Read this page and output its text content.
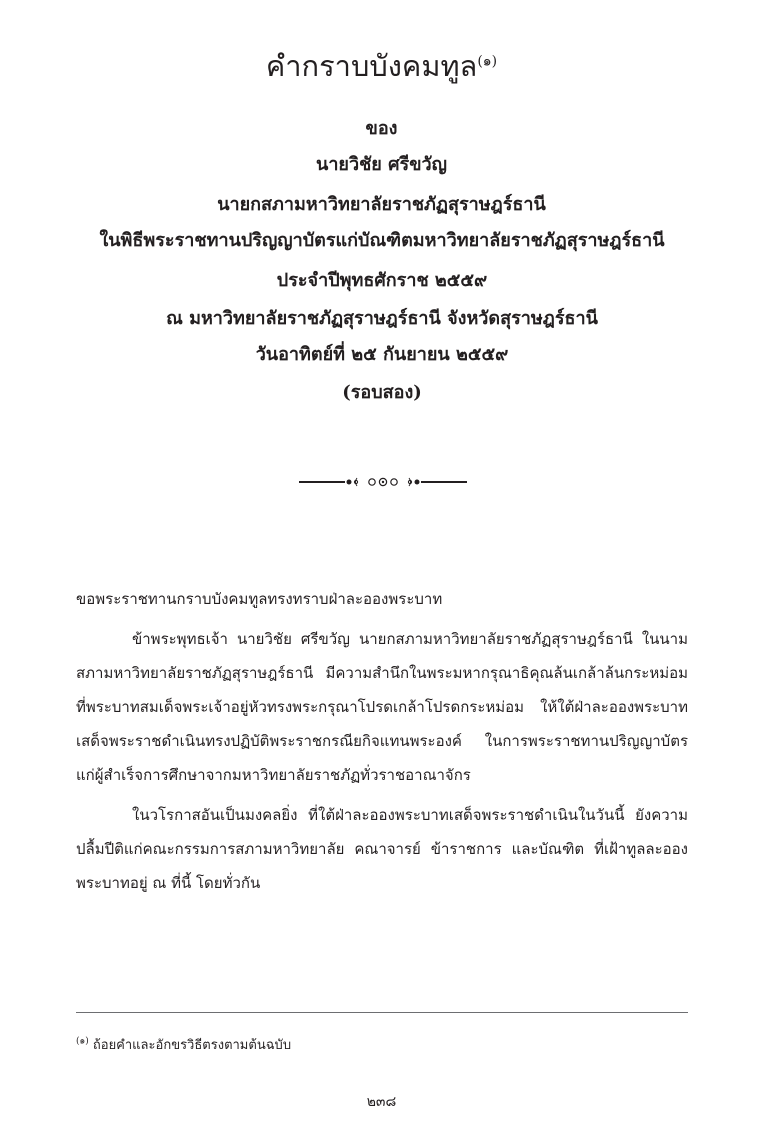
คำกราบบังคมทูล$^{(๑)}$
ของ
นายวิชัย ศรีขวัญ
นายกสภามหาวิทยาลัยราชภัฏสุราษฎร์ธานี
ในพิธีพระราชทานปริญญาบัตรแก่บัณฑิตมหาวิทยาลัยราชภัฏสุราษฎร์ธานี
ประจำปีพุทธศักราช ๒๕๕๙
ณ มหาวิทยาลัยราชภัฏสุราษฎร์ธานี จังหวัดสุราษฎร์ธานี
วันอาทิตย์ที่ ๒๕ กันยายน ๒๕๕๙
(รอบสอง)

ขอพระราชทานกราบบังคมทูลทรงทราบฝ่าละอองพระบาท

ข้าพระพุทธเจ้า นายวิชัย ศรีขวัญ นายกสภามหาวิทยาลัยราชภัฏสุราษฎร์ธานี ในนามสภามหาวิทยาลัยราชภัฏสุราษฎร์ธานี มีความสำนึกในพระมหากรุณาธิคุณล้นเกล้าล้นกระหม่อม ที่พระบาทสมเด็จพระเจ้าอยู่หัวทรงพระกรุณาโปรดเกล้าโปรดกระหม่อม ให้ใต้ฝ่าละอองพระบาทเสด็จพระราชดำเนินทรงปฏิบัติพระราชกรณียกิจแทนพระองค์ ในการพระราชทานปริญญาบัตรแก่ผู้สำเร็จการศึกษาจากมหาวิทยาลัยราชภัฏทั่วราชอาณาจักร

ในวโรกาสอันเป็นมงคลยิ่ง ที่ใต้ฝ่าละอองพระบาทเสด็จพระราชดำเนินในวันนี้ ยังความปลื้มปีติแก่คณะกรรมการสภามหาวิทยาลัย คณาจารย์ ข้าราชการ และบัณฑิต ที่เฝ้าทูลละอองพระบาทอยู่ ณ ที่นี้ โดยทั่วกัน

$^{(๑)}$ ถ้อยคำและอักขรวิธีตรงตามต้นฉบับ
๒๓๘
